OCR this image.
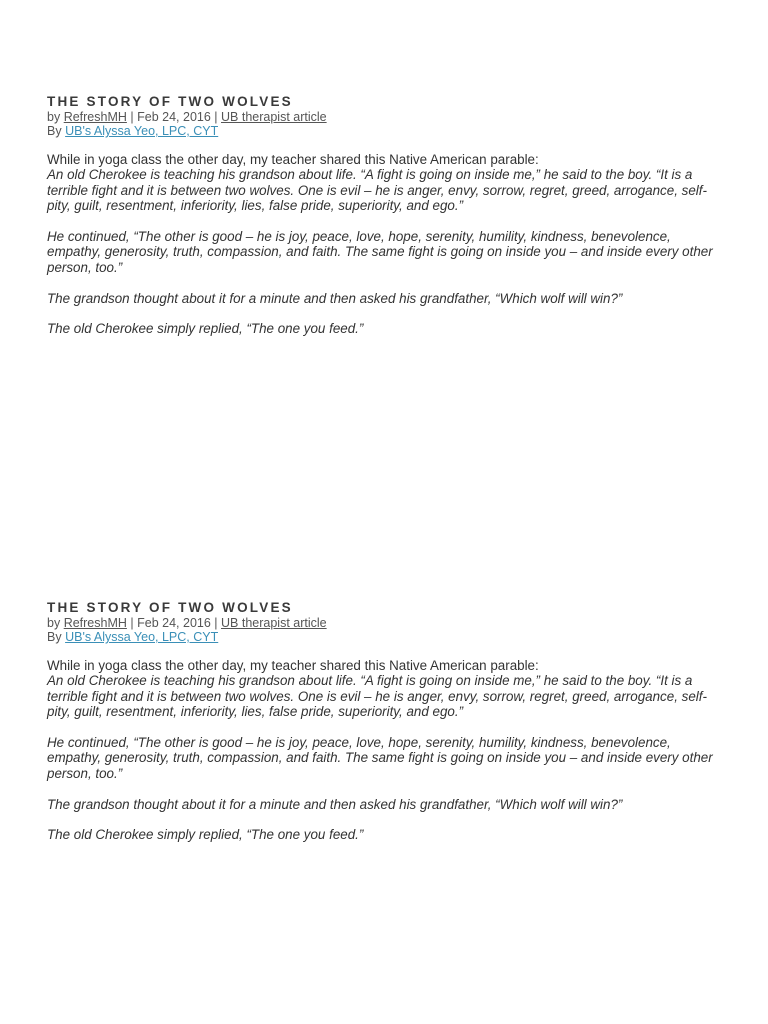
THE STORY OF TWO WOLVES

by RefreshMH | Feb 24, 2016 | UB therapist article

By UB's Alyssa Yeo, LPC, CYT

While in yoga class the other day, my teacher shared this Native American parable:

An old Cherokee is teaching his grandson about life. “A fight is going on inside me,” he said to the boy. “It is a terrible fight and it is between two wolves. One is evil – he is anger, envy, sorrow, regret, greed, arrogance, self-pity, guilt, resentment, inferiority, lies, false pride, superiority, and ego.”

He continued, “The other is good – he is joy, peace, love, hope, serenity, humility, kindness, benevolence, empathy, generosity, truth, compassion, and faith. The same fight is going on inside you – and inside every other person, too.”

The grandson thought about it for a minute and then asked his grandfather, “Which wolf will win?”

The old Cherokee simply replied, “The one you feed.”

THE STORY OF TWO WOLVES

by RefreshMH | Feb 24, 2016 | UB therapist article

By UB's Alyssa Yeo, LPC, CYT

While in yoga class the other day, my teacher shared this Native American parable:

An old Cherokee is teaching his grandson about life. “A fight is going on inside me,” he said to the boy. “It is a terrible fight and it is between two wolves. One is evil – he is anger, envy, sorrow, regret, greed, arrogance, self-pity, guilt, resentment, inferiority, lies, false pride, superiority, and ego.”

He continued, “The other is good – he is joy, peace, love, hope, serenity, humility, kindness, benevolence, empathy, generosity, truth, compassion, and faith. The same fight is going on inside you – and inside every other person, too.”

The grandson thought about it for a minute and then asked his grandfather, “Which wolf will win?”

The old Cherokee simply replied, “The one you feed.”
